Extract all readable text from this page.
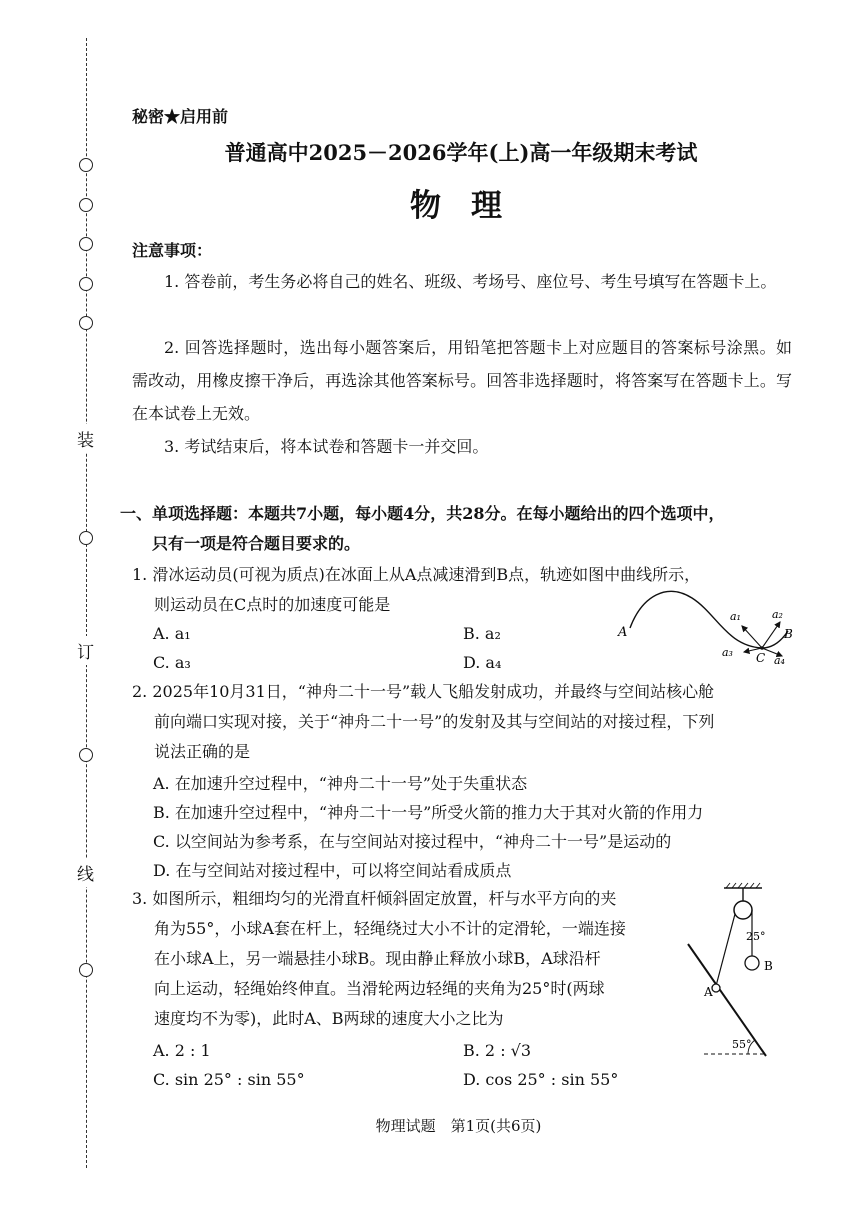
装
订
线
秘密★启用前
普通高中2025－2026学年(上)高一年级期末考试
物理
注意事项：
1. 答卷前，考生务必将自己的姓名、班级、考场号、座位号、考生号填写在答题卡上。
2. 回答选择题时，选出每小题答案后，用铅笔把答题卡上对应题目的答案标号涂黑。如需改动，用橡皮擦干净后，再选涂其他答案标号。回答非选择题时，将答案写在答题卡上。写在本试卷上无效。
3. 考试结束后，将本试卷和答题卡一并交回。
一、单项选择题：本题共7小题，每小题4分，共28分。在每小题给出的四个选项中，
只有一项是符合题目要求的。
1. 滑冰运动员(可视为质点)在冰面上从A点减速滑到B点，轨迹如图中曲线所示，
则运动员在C点时的加速度可能是
A. a₁	B. a₂
C. a₃	D. a₄
A	B
C
a₁	a₂
a₃
a₄
2. 2025年10月31日，“神舟二十一号”载人飞船发射成功，并最终与空间站核心舱
前向端口实现对接，关于“神舟二十一号”的发射及其与空间站的对接过程，下列
说法正确的是
A. 在加速升空过程中，“神舟二十一号”处于失重状态
B. 在加速升空过程中，“神舟二十一号”所受火箭的推力大于其对火箭的作用力
C. 以空间站为参考系，在与空间站对接过程中，“神舟二十一号”是运动的
D. 在与空间站对接过程中，可以将空间站看成质点
3. 如图所示，粗细均匀的光滑直杆倾斜固定放置，杆与水平方向的夹
角为55°，小球A套在杆上，轻绳绕过大小不计的定滑轮，一端连接
在小球A上，另一端悬挂小球B。现由静止释放小球B，A球沿杆
向上运动，轻绳始终伸直。当滑轮两边轻绳的夹角为25°时(两球
速度均不为零)，此时A、B两球的速度大小之比为
A. 2 : 1	B. 2 : √3
C. sin 25° : sin 55°	D. cos 25° : sin 55°
25°
55°
A
B
物理试题　第1页(共6页)
